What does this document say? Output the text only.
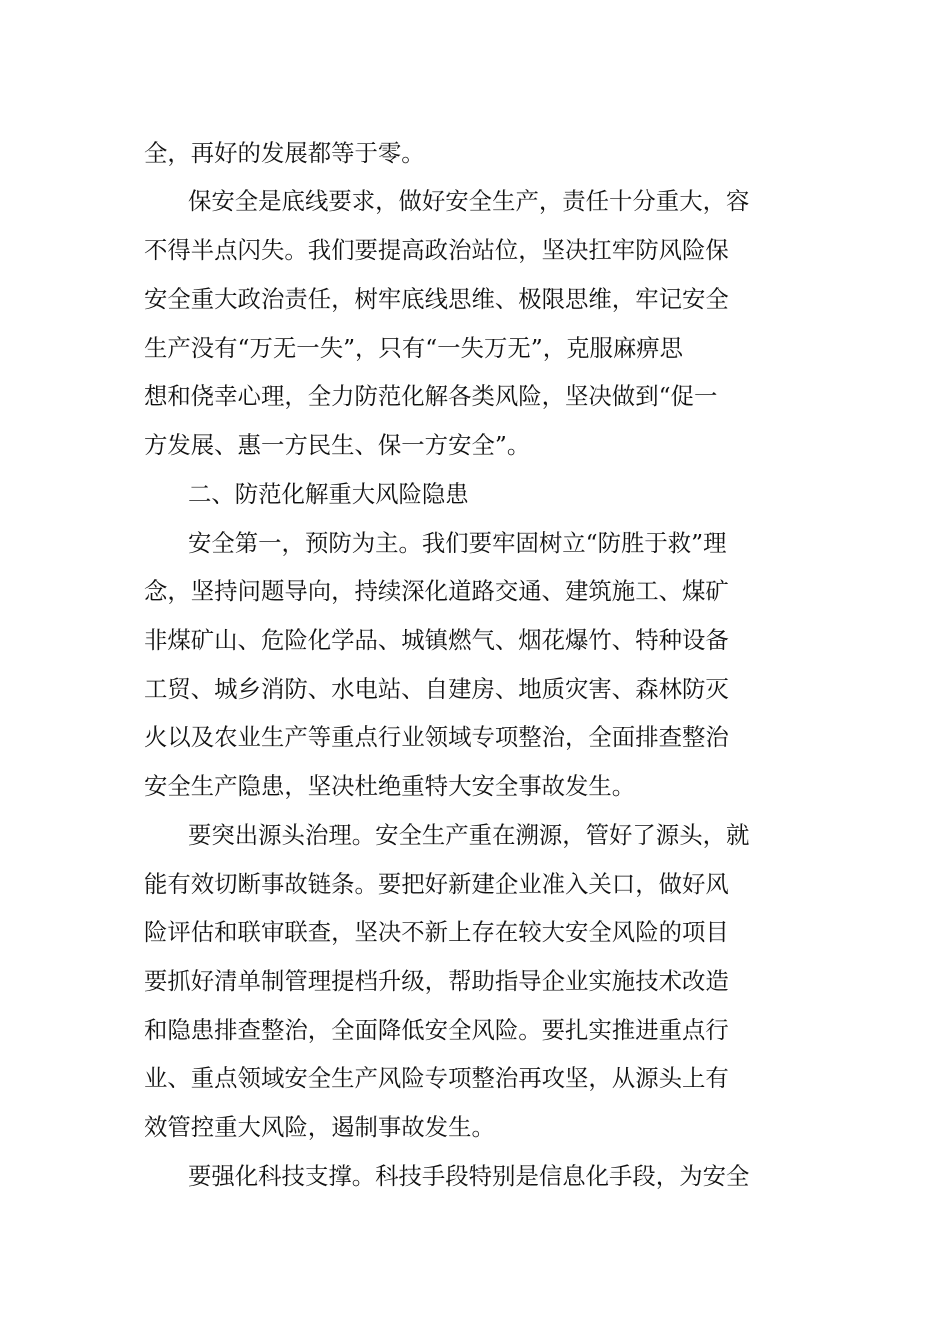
全，再好的发展都等于零。
保安全是底线要求，做好安全生产，责任十分重大，容
不得半点闪失。我们要提高政治站位，坚决扛牢防风险保
安全重大政治责任，树牢底线思维、极限思维，牢记安全
生产没有“万无一失”，只有“一失万无”，克服麻痹思
想和侥幸心理，全力防范化解各类风险，坚决做到“促一
方发展、惠一方民生、保一方安全”。
二、防范化解重大风险隐患
安全第一，预防为主。我们要牢固树立“防胜于救”理
念，坚持问题导向，持续深化道路交通、建筑施工、煤矿
非煤矿山、危险化学品、城镇燃气、烟花爆竹、特种设备
工贸、城乡消防、水电站、自建房、地质灾害、森林防灭
火以及农业生产等重点行业领域专项整治，全面排查整治
安全生产隐患，坚决杜绝重特大安全事故发生。
要突出源头治理。安全生产重在溯源，管好了源头，就
能有效切断事故链条。要把好新建企业准入关口，做好风
险评估和联审联查，坚决不新上存在较大安全风险的项目
要抓好清单制管理提档升级，帮助指导企业实施技术改造
和隐患排查整治，全面降低安全风险。要扎实推进重点行
业、重点领域安全生产风险专项整治再攻坚，从源头上有
效管控重大风险，遏制事故发生。
要强化科技支撑。科技手段特别是信息化手段，为安全
